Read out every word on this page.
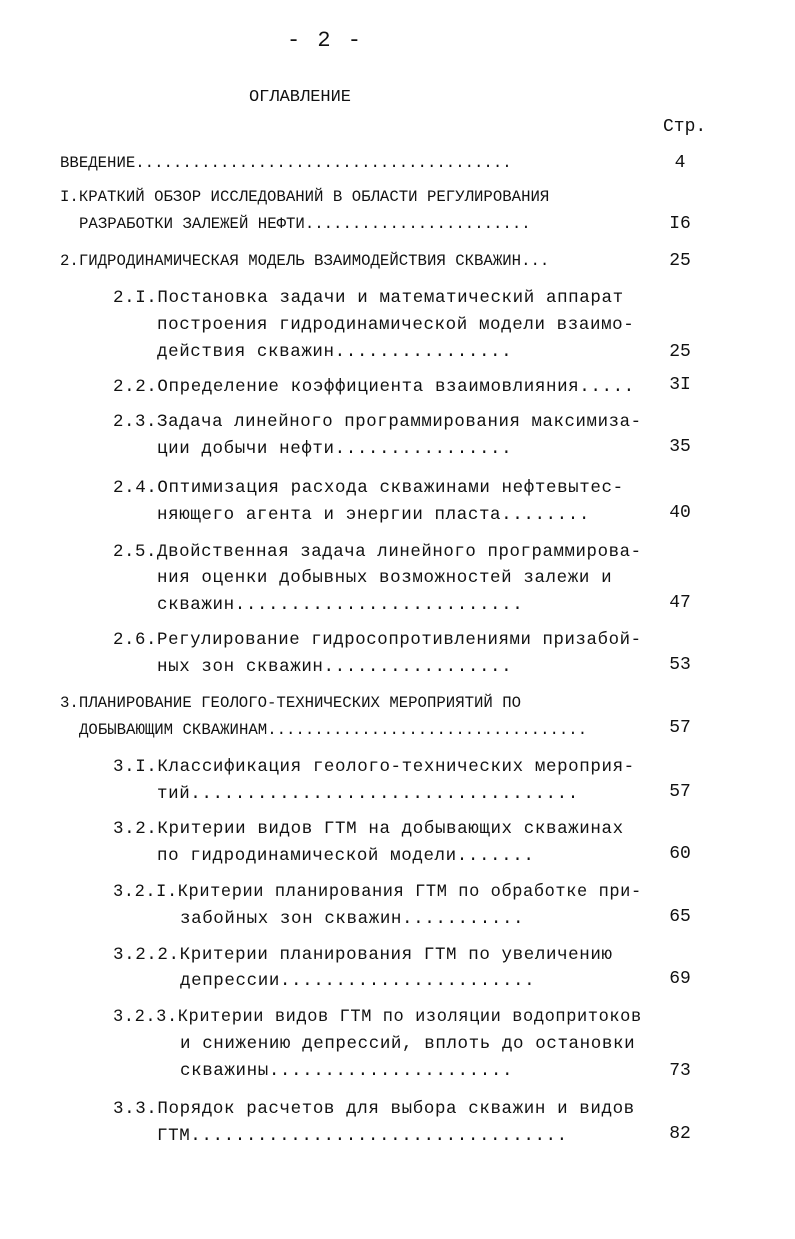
- 2 -
ОГЛАВЛЕНИЕ
Стр.
ВВЕДЕНИЕ........................................	4
I.КРАТКИЙ ОБЗОР ИССЛЕДОВАНИЙ В ОБЛАСТИ РЕГУЛИРОВАНИЯ
РАЗРАБОТКИ ЗАЛЕЖЕЙ НЕФТИ........................	I6
2.ГИДРОДИНАМИЧЕСКАЯ МОДЕЛЬ ВЗАИМОДЕЙСТВИЯ СКВАЖИН...	25
2.I.Постановка задачи и математический аппарат
построения гидродинамической модели взаимо-
действия скважин................	25
2.2.Определение коэффициента взаимовлияния.....	3I
2.3.Задача линейного программирования максимиза-
ции добычи нефти................	35
2.4.Оптимизация расхода скважинами нефтевытес-
няющего агента и энергии пласта........	40
2.5.Двойственная задача линейного программирова-
ния оценки добывных возможностей залежи и
скважин..........................	47
2.6.Регулирование гидросопротивлениями призабой-
ных зон скважин.................	53
3.ПЛАНИРОВАНИЕ ГЕОЛОГО-ТЕХНИЧЕСКИХ МЕРОПРИЯТИЙ ПО
ДОБЫВАЮЩИМ СКВАЖИНАМ..................................	57
3.I.Классификация геолого-технических мероприя-
тий...................................	57
3.2.Критерии видов ГТМ на добывающих скважинах
по гидродинамической модели.......	60
3.2.I.Критерии планирования ГТМ по обработке при-
забойных зон скважин...........	65
3.2.2.Критерии планирования ГТМ по увеличению
депрессии.......................	69
3.2.3.Критерии видов ГТМ по изоляции водопритоков
и снижению депрессий, вплоть до остановки
скважины......................	73
3.3.Порядок расчетов для выбора скважин и видов
ГТМ..................................	82
